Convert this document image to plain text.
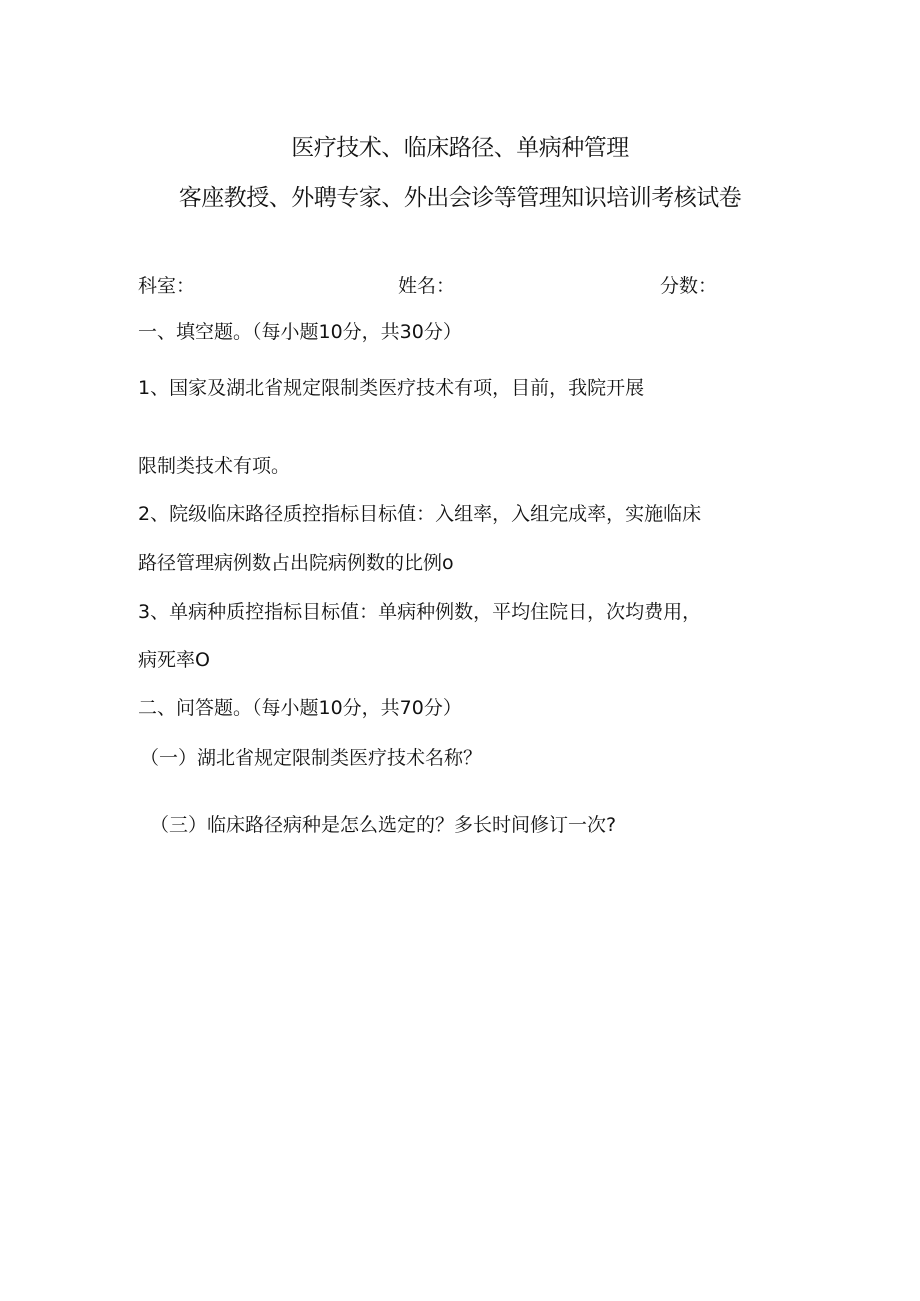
医疗技术、临床路径、单病种管理
客座教授、外聘专家、外出会诊等管理知识培训考核试卷
科室：	姓名：	分数：
一、填空题。（每小题10分，共30分）
1、国家及湖北省规定限制类医疗技术有项，目前，我院开展
限制类技术有项。
2、院级临床路径质控指标目标值：入组率，入组完成率，实施临床
路径管理病例数占出院病例数的比例o
3、单病种质控指标目标值：单病种例数，平均住院日，次均费用，
病死率O
二、问答题。（每小题10分，共70分）
（一）湖北省规定限制类医疗技术名称？
（三）临床路径病种是怎么选定的？多长时间修订一次?
